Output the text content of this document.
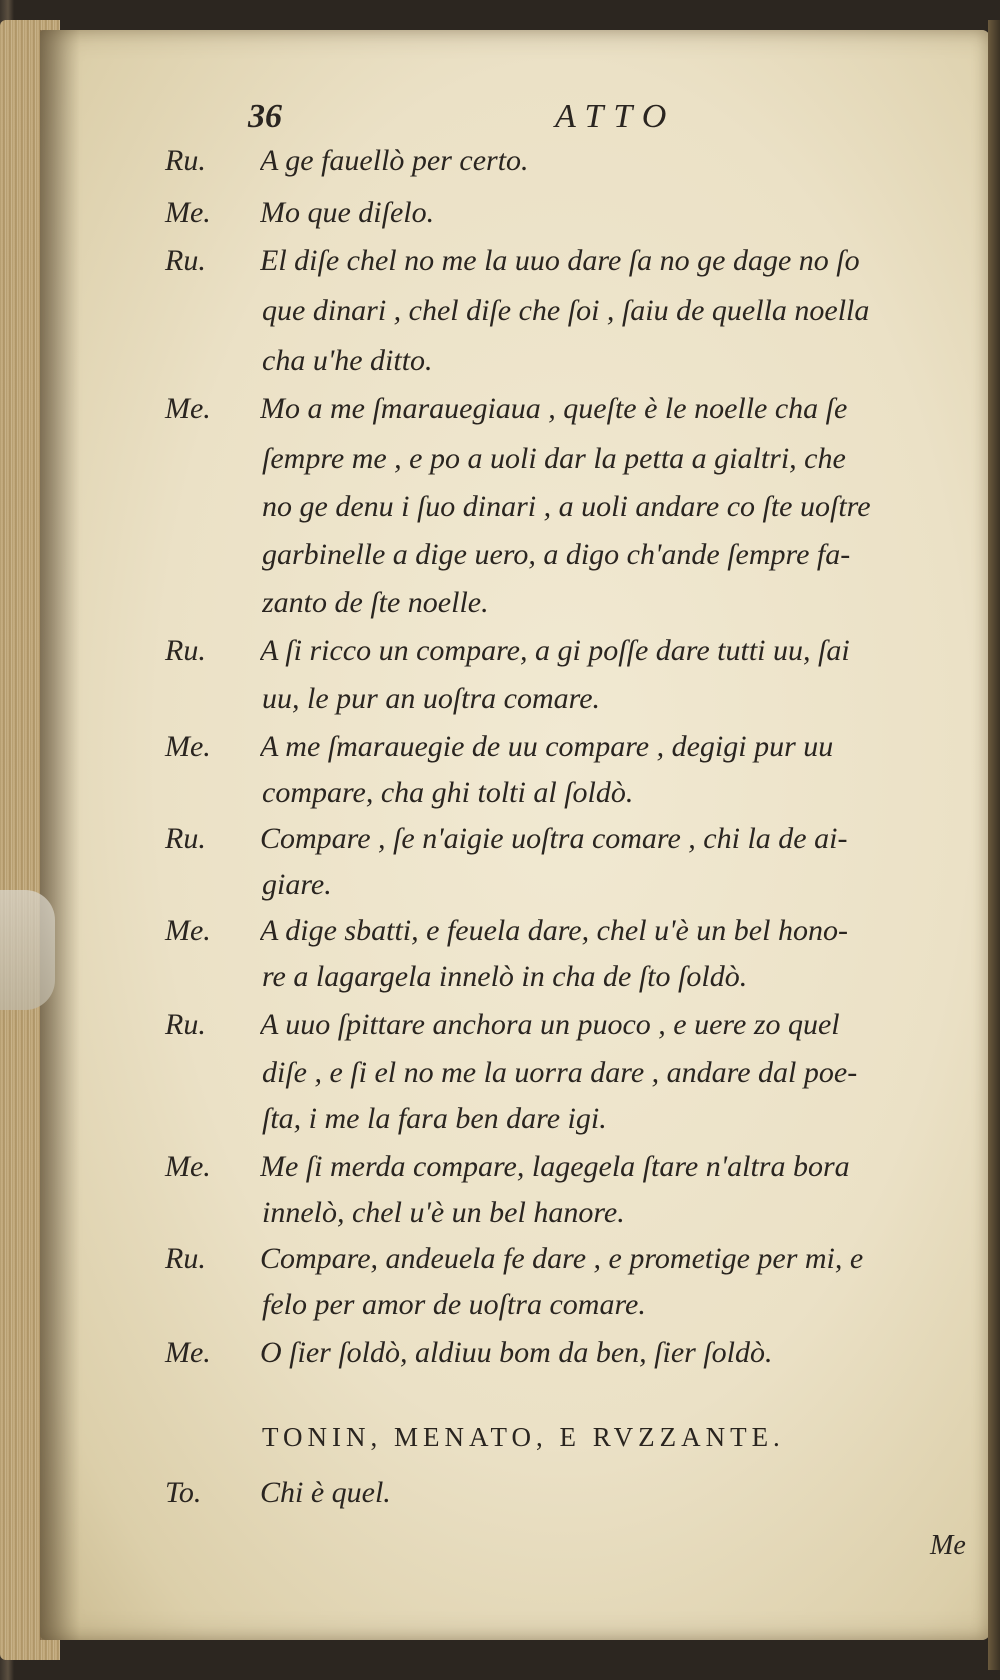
36	ATTO
Ru.	A ge fauellò per certo.
Me.	Mo que diſelo.
Ru.	El diſe chel no me la uuo dare ſa no ge dage no ſo
que dinari , chel diſe che ſoi , ſaiu de quella noella
cha u'he ditto.
Me.	Mo a me ſmarauegiaua , queſte è le noelle cha ſe
ſempre me , e po a uoli dar la petta a gialtri, che
no ge denu i ſuo dinari , a uoli andare co ſte uoſtre
garbinelle a dige uero, a digo ch'ande ſempre fa-
zanto de ſte noelle.
Ru.	A ſi ricco un compare, a gi poſſe dare tutti uu, ſai
uu, le pur an uoſtra comare.
Me.	A me ſmarauegie de uu compare , degigi pur uu
compare, cha ghi tolti al ſoldò.
Ru.	Compare , ſe n'aigie uoſtra comare , chi la de ai-
giare.
Me.	A dige sbatti, e feuela dare, chel u'è un bel hono-
re a lagargela innelò in cha de ſto ſoldò.
Ru.	A uuo ſpittare anchora un puoco , e uere zo quel
diſe , e ſi el no me la uorra dare , andare dal poe-
ſta, i me la fara ben dare igi.
Me.	Me ſi merda compare, lagegela ſtare n'altra bora
innelò, chel u'è un bel hanore.
Ru.	Compare, andeuela fe dare , e prometige per mi, e
felo per amor de uoſtra comare.
Me.	O ſier ſoldò, aldiuu bom da ben, ſier ſoldò.
TONIN, MENATO, E RVZZANTE.
To.	Chi è quel.
Me
